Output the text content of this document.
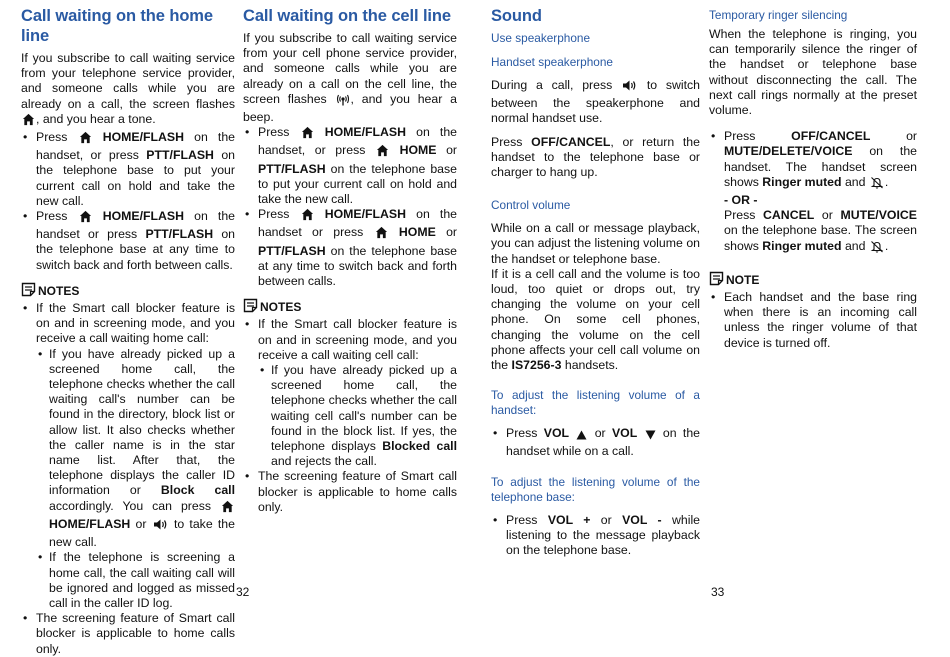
Call waiting on the home line

If you subscribe to call waiting service from your telephone service provider, and someone calls while you are already on a call, the screen flashes , and you hear a tone.

• Press	HOME/FLASH on the handset, or press PTT/FLASH on the telephone base to put your current call on hold and take the new call.
• Press	HOME/FLASH on the handset or press PTT/FLASH on the telephone base at any time to switch back and forth between calls.
NOTES
• If the Smart call blocker feature is on and in screening mode, and you receive a call waiting home call:
• If you have already picked up a screened home call, the telephone checks whether the call waiting call's number can be found in the directory, block list or allow list. It also checks whether the caller name is in the star name list. After that, the telephone displays the caller ID information or Block call accordingly. You can press  HOME/FLASH or to take the new call.
• If the telephone is screening a home call, the call waiting call will be ignored and logged as missed call in the caller ID log.
• The screening feature of Smart call blocker is applicable to home calls only.
Call waiting on the cell line

If you subscribe to call waiting service from your cell phone service provider, and someone calls while you are already on a call on the cell line, the screen flashes , and you hear a beep.

• Press	HOME/FLASH on the handset, or press	HOME or PTT/FLASH on the telephone base to put your current call on hold and take the new call.
• Press	HOME/FLASH on the handset or press	HOME or PTT/FLASH on the telephone base at any time to switch back and forth between calls.
NOTES
• If the Smart call blocker feature is on and in screening mode, and you receive a call waiting cell call:
• If you have already picked up a screened home call, the telephone checks whether the call waiting cell call's number can be found in the block list. If yes, the telephone displays Blocked call and rejects the call.
• The screening feature of Smart call blocker is applicable to home calls only.
Sound
Use speakerphone
Handset speakerphone

During a call, press	to switch between the speakerphone and normal handset use.

Press OFF/CANCEL, or return the handset to the telephone base or charger to hang up.

Control volume

While on a call or message playback, you can adjust the listening volume on the handset or telephone base.

If it is a cell call and the volume is too loud, too quiet or drops out, try changing the volume on your cell phone. On some cell phones, changing the volume on the cell phone affects your cell call volume on the IS7256-3 handsets.

To adjust the listening volume of a handset:
• Press VOL or VOL on the handset while on a call.
To adjust the listening volume of the telephone base:
• Press VOL + or VOL - while listening to the message playback on the telephone base.
Temporary ringer silencing

When the telephone is ringing, you can temporarily silence the ringer of the handset or telephone base without disconnecting the call. The next call rings normally at the preset volume.

• Press	OFF/CANCEL	or MUTE/DELETE/VOICE on the handset. The handset screen shows Ringer muted and .
- OR -
Press CANCEL or MUTE/VOICE on the telephone base. The screen shows Ringer muted and .
NOTE
• Each handset and the base ring when there is an incoming call unless the ringer volume of that device is turned off.
32	33
